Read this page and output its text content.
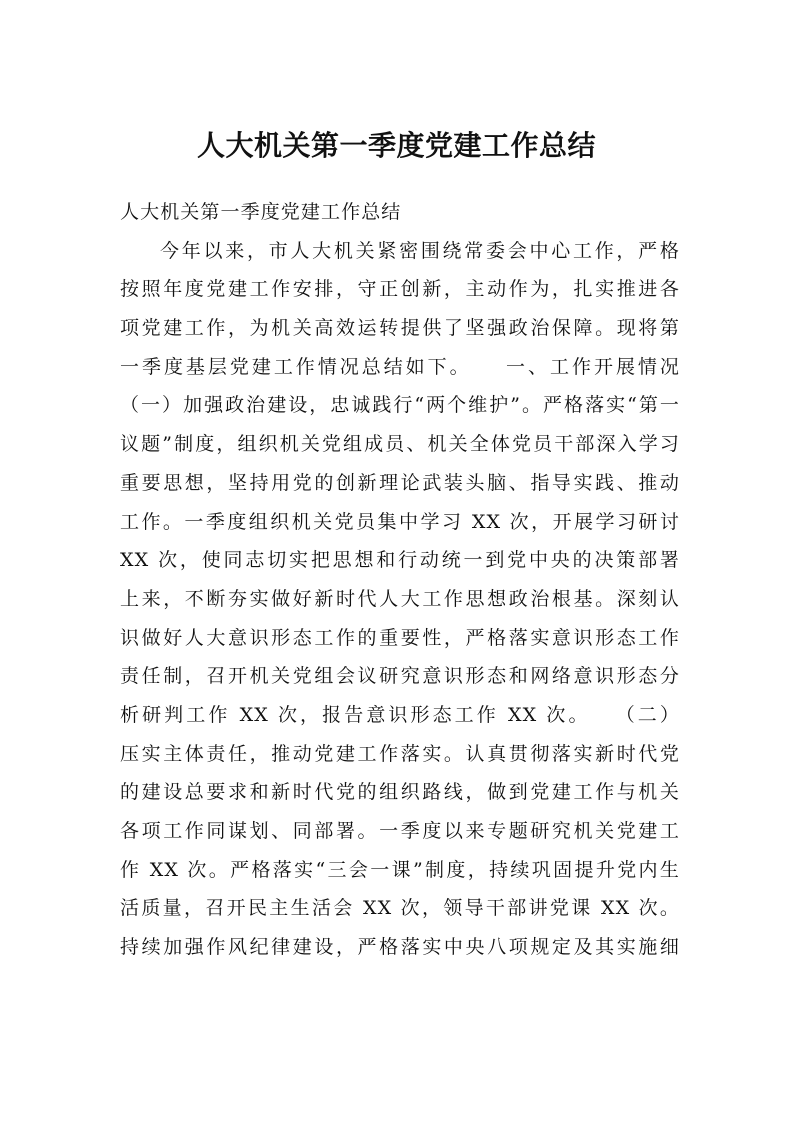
人大机关第一季度党建工作总结
人大机关第一季度党建工作总结
今年以来，市人大机关紧密围绕常委会中心工作，严格
按照年度党建工作安排，守正创新，主动作为，扎实推进各
项党建工作，为机关高效运转提供了坚强政治保障。现将第
一季度基层党建工作情况总结如下。　　一、工作开展情况
（一）加强政治建设，忠诚践行“两个维护”。严格落实“第一
议题”制度，组织机关党组成员、机关全体党员干部深入学习
重要思想，坚持用党的创新理论武装头脑、指导实践、推动
工作。一季度组织机关党员集中学习 XX 次，开展学习研讨
XX 次，使同志切实把思想和行动统一到党中央的决策部署
上来，不断夯实做好新时代人大工作思想政治根基。深刻认
识做好人大意识形态工作的重要性，严格落实意识形态工作
责任制，召开机关党组会议研究意识形态和网络意识形态分
析研判工作 XX 次，报告意识形态工作 XX 次。　　（二）
压实主体责任，推动党建工作落实。认真贯彻落实新时代党
的建设总要求和新时代党的组织路线，做到党建工作与机关
各项工作同谋划、同部署。一季度以来专题研究机关党建工
作 XX 次。严格落实“三会一课”制度，持续巩固提升党内生
活质量，召开民主生活会 XX 次，领导干部讲党课 XX 次。
持续加强作风纪律建设，严格落实中央八项规定及其实施细
